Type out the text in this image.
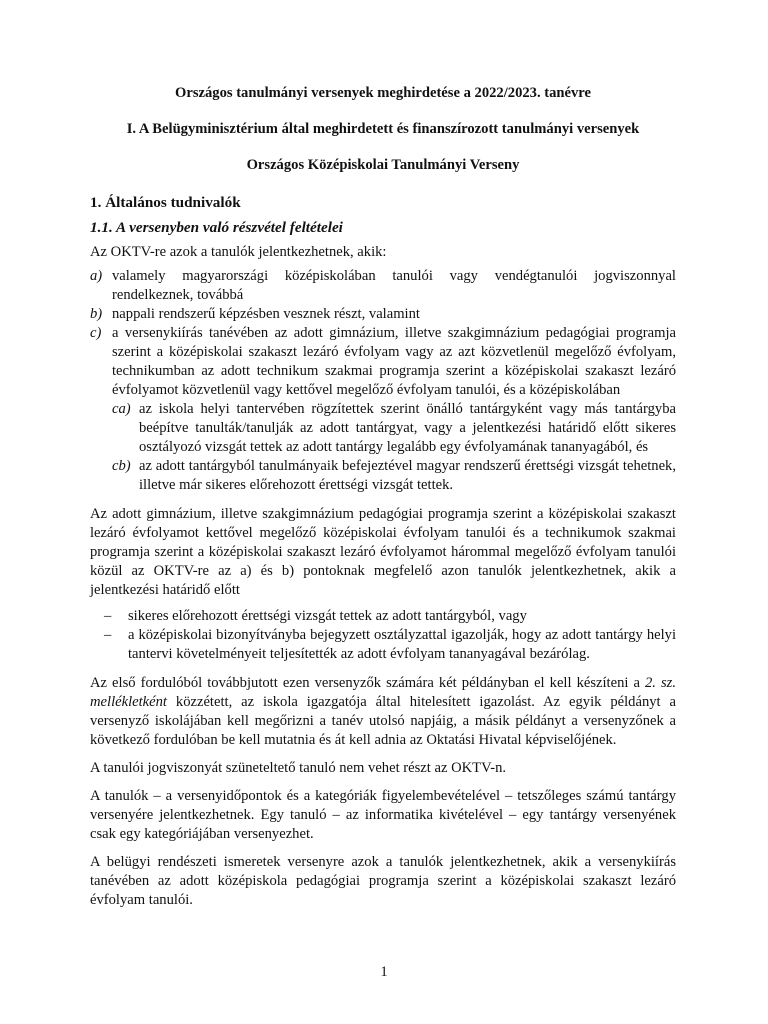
Országos tanulmányi versenyek meghirdetése a 2022/2023. tanévre

I. A Belügyminisztérium által meghirdetett és finanszírozott tanulmányi versenyek

Országos Középiskolai Tanulmányi Verseny

1. Általános tudnivalók

1.1. A versenyben való részvétel feltételei

Az OKTV-re azok a tanulók jelentkezhetnek, akik:

a) valamely magyarországi középiskolában tanulói vagy vendégtanulói jogviszonnyal rendelkeznek, továbbá
b) nappali rendszerű képzésben vesznek részt, valamint
c) a versenykiírás tanévében az adott gimnázium, illetve szakgimnázium pedagógiai programja szerint a középiskolai szakaszt lezáró évfolyam vagy az azt közvetlenül megelőző évfolyam, technikumban az adott technikum szakmai programja szerint a középiskolai szakaszt lezáró évfolyamot közvetlenül vagy kettővel megelőző évfolyam tanulói, és a középiskolában
ca) az iskola helyi tantervében rögzítettek szerint önálló tantárgyként vagy más tantárgyba beépítve tanulták/tanulják az adott tantárgyat, vagy a jelentkezési határidő előtt sikeres osztályozó vizsgát tettek az adott tantárgy legalább egy évfolyamának tananyagából, és
cb) az adott tantárgyból tanulmányaik befejeztével magyar rendszerű érettségi vizsgát tehetnek, illetve már sikeres előrehozott érettségi vizsgát tettek.

Az adott gimnázium, illetve szakgimnázium pedagógiai programja szerint a középiskolai szakaszt lezáró évfolyamot kettővel megelőző középiskolai évfolyam tanulói és a technikumok szakmai programja szerint a középiskolai szakaszt lezáró évfolyamot hárommal megelőző évfolyam tanulói közül az OKTV-re az a) és b) pontoknak megfelelő azon tanulók jelentkezhetnek, akik a jelentkezési határidő előtt

–	sikeres előrehozott érettségi vizsgát tettek az adott tantárgyból, vagy
–	a középiskolai bizonyítványba bejegyzett osztályzattal igazolják, hogy az adott tantárgy helyi tantervi követelményeit teljesítették az adott évfolyam tananyagával bezárólag.

Az első fordulóból továbbjutott ezen versenyzők számára két példányban el kell készíteni a 2. sz. mellékletként közzétett, az iskola igazgatója által hitelesített igazolást. Az egyik példányt a versenyző iskolájában kell megőrizni a tanév utolsó napjáig, a másik példányt a versenyzőnek a következő fordulóban be kell mutatnia és át kell adnia az Oktatási Hivatal képviselőjének.

A tanulói jogviszonyát szüneteltető tanuló nem vehet részt az OKTV-n.

A tanulók – a versenyidőpontok és a kategóriák figyelembevételével – tetszőleges számú tantárgy versenyére jelentkezhetnek. Egy tanuló – az informatika kivételével – egy tantárgy versenyének csak egy kategóriájában versenyezhet.

A belügyi rendészeti ismeretek versenyre azok a tanulók jelentkezhetnek, akik a versenykiírás tanévében az adott középiskola pedagógiai programja szerint a középiskolai szakaszt lezáró évfolyam tanulói.

1
